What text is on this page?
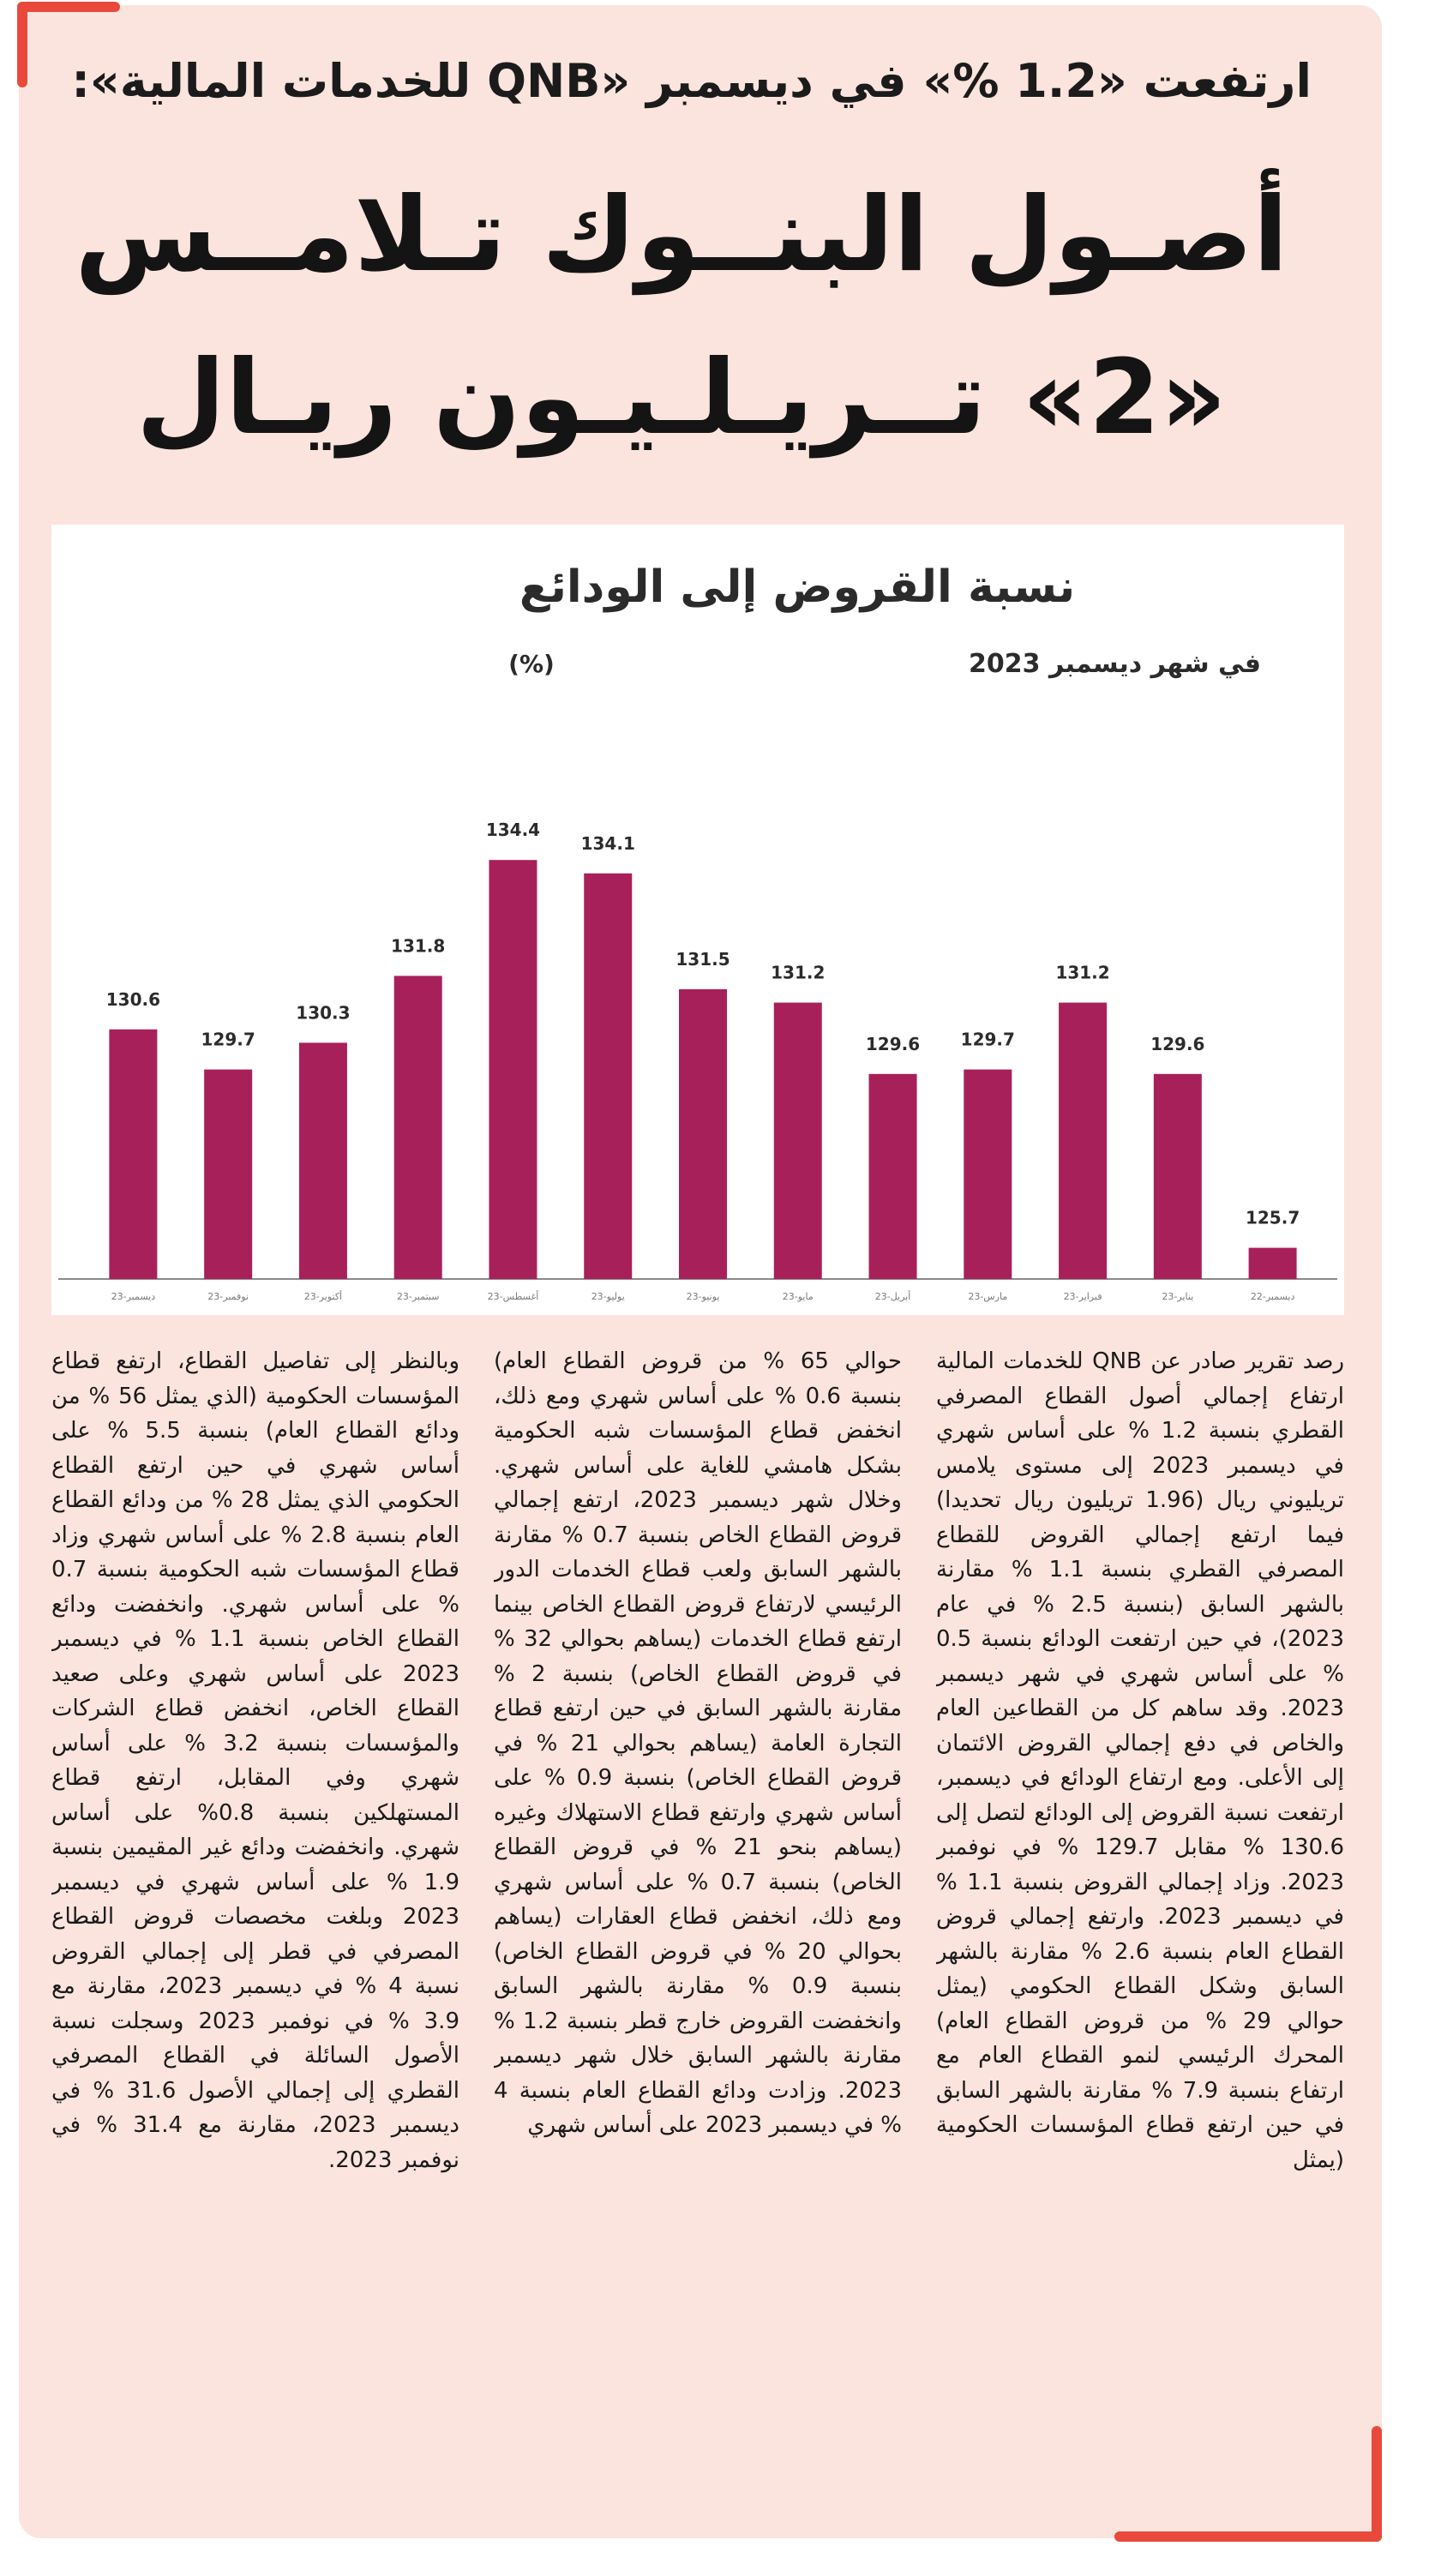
ارتفعت «1.2 %» في ديسمبر «QNB للخدمات المالية»:
أصـول البنــوك تـلامــس
«2» تــريـلـيـون ريـال
نسبة القروض إلى الودائع
في شهر ديسمبر 2023
(%)
125.7
ديسمبر-22
129.6
يناير-23
131.2
فبراير-23
129.7
مارس-23
129.6
أبريل-23
131.2
مايو-23
131.5
يونيو-23
134.1
يوليو-23
134.4
أغسطس-23
131.8
سبتمبر-23
130.3
أكتوبر-23
129.7
نوفمبر-23
130.6
ديسمبر-23

رصد تقرير صادر عن QNB للخدمات المالية ارتفاع إجمالي أصول القطاع المصرفي القطري بنسبة 1.2 % على أساس شهري في ديسمبر 2023 إلى مستوى يلامس تريليوني ريال (1.96 تريليون ريال تحديدا) فيما ارتفع إجمالي القروض للقطاع المصرفي القطري بنسبة 1.1 % مقارنة بالشهر السابق (بنسبة 2.5 % في عام 2023)، في حين ارتفعت الودائع بنسبة 0.5 % على أساس شهري في شهر ديسمبر 2023. وقد ساهم كل من القطاعين العام والخاص في دفع إجمالي القروض الائتمان إلى الأعلى. ومع ارتفاع الودائع في ديسمبر، ارتفعت نسبة القروض إلى الودائع لتصل إلى 130.6 % مقابل 129.7 % في نوفمبر 2023. وزاد إجمالي القروض بنسبة 1.1 % في ديسمبر 2023. وارتفع إجمالي قروض القطاع العام بنسبة 2.6 % مقارنة بالشهر السابق وشكل القطاع الحكومي (يمثل حوالي 29 % من قروض القطاع العام) المحرك الرئيسي لنمو القطاع العام مع ارتفاع بنسبة 7.9 % مقارنة بالشهر السابق في حين ارتفع قطاع المؤسسات الحكومية (يمثل

حوالي 65 % من قروض القطاع العام) بنسبة 0.6 % على أساس شهري ومع ذلك، انخفض قطاع المؤسسات شبه الحكومية بشكل هامشي للغاية على أساس شهري. وخلال شهر ديسمبر 2023، ارتفع إجمالي قروض القطاع الخاص بنسبة 0.7 % مقارنة بالشهر السابق ولعب قطاع الخدمات الدور الرئيسي لارتفاع قروض القطاع الخاص بينما ارتفع قطاع الخدمات (يساهم بحوالي 32 % في قروض القطاع الخاص) بنسبة 2 % مقارنة بالشهر السابق في حين ارتفع قطاع التجارة العامة (يساهم بحوالي 21 % في قروض القطاع الخاص) بنسبة 0.9 % على أساس شهري وارتفع قطاع الاستهلاك وغيره (يساهم بنحو 21 % في قروض القطاع الخاص) بنسبة 0.7 % على أساس شهري ومع ذلك، انخفض قطاع العقارات (يساهم بحوالي 20 % في قروض القطاع الخاص) بنسبة 0.9 % مقارنة بالشهر السابق وانخفضت القروض خارج قطر بنسبة 1.2 % مقارنة بالشهر السابق خلال شهر ديسمبر 2023. وزادت ودائع القطاع العام بنسبة 4 % في ديسمبر 2023 على أساس شهري

وبالنظر إلى تفاصيل القطاع، ارتفع قطاع المؤسسات الحكومية (الذي يمثل 56 % من ودائع القطاع العام) بنسبة 5.5 % على أساس شهري في حين ارتفع القطاع الحكومي الذي يمثل 28 % من ودائع القطاع العام بنسبة 2.8 % على أساس شهري وزاد قطاع المؤسسات شبه الحكومية بنسبة 0.7 % على أساس شهري. وانخفضت ودائع القطاع الخاص بنسبة 1.1 % في ديسمبر 2023 على أساس شهري وعلى صعيد القطاع الخاص، انخفض قطاع الشركات والمؤسسات بنسبة 3.2 % على أساس شهري وفي المقابل، ارتفع قطاع المستهلكين بنسبة 0.8% على أساس شهري. وانخفضت ودائع غير المقيمين بنسبة 1.9 % على أساس شهري في ديسمبر 2023 وبلغت مخصصات قروض القطاع المصرفي في قطر إلى إجمالي القروض نسبة 4 % في ديسمبر 2023، مقارنة مع 3.9 % في نوفمبر 2023 وسجلت نسبة الأصول السائلة في القطاع المصرفي القطري إلى إجمالي الأصول 31.6 % في ديسمبر 2023، مقارنة مع 31.4 % في نوفمبر 2023.
